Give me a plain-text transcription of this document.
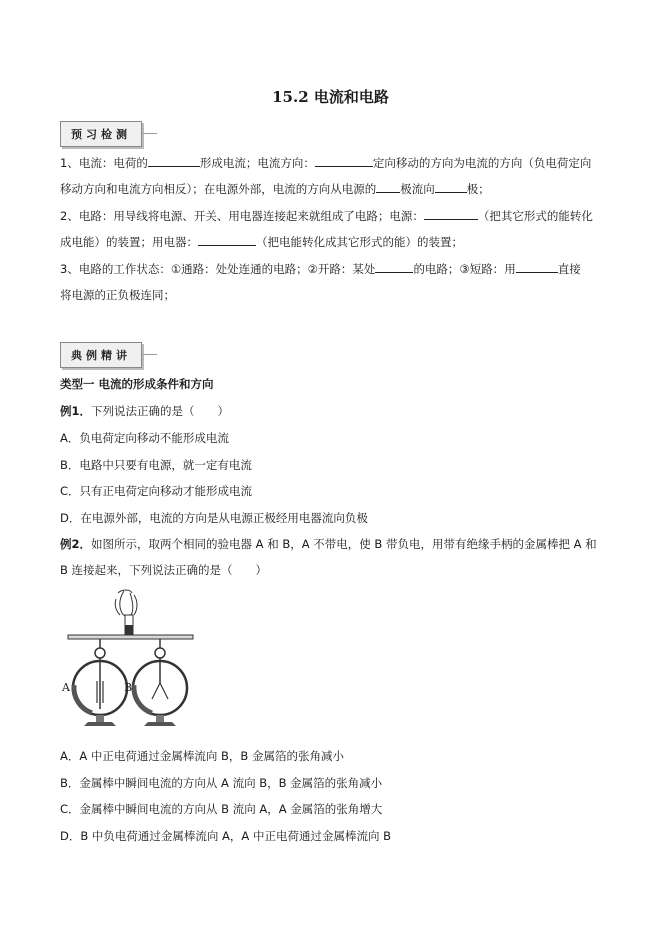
15.2 电流和电路
预习检测
1、电流：电荷的	形成电流；电流方向：	定向移动的方向为电流的方向（负电荷定向
移动方向和电流方向相反）；在电源外部，电流的方向从电源的 极流向	极；
2、电路：用导线将电源、开关、用电器连接起来就组成了电路；电源：	（把其它形式的能转化
成电能）的装置；用电器：	（把电能转化成其它形式的能）的装置；
3、电路的工作状态：①通路：处处连通的电路；②开路：某处	的电路；③短路：用	直接
将电源的正负极连同；
典例精讲
类型一 电流的形成条件和方向
例1．下列说法正确的是（　　）
A．负电荷定向移动不能形成电流
B．电路中只要有电源，就一定有电流
C．只有正电荷定向移动才能形成电流
D．在电源外部，电流的方向是从电源正极经用电器流向负极
例2．如图所示，取两个相同的验电器 A 和 B，A 不带电，使 B 带负电，用带有绝缘手柄的金属棒把 A 和
B 连接起来，下列说法正确的是（　　）
A	B
A．A 中正电荷通过金属棒流向 B，B 金属箔的张角减小
B．金属棒中瞬间电流的方向从 A 流向 B，B 金属箔的张角减小
C．金属棒中瞬间电流的方向从 B 流向 A，A 金属箔的张角增大
D．B 中负电荷通过金属棒流向 A，A 中正电荷通过金属棒流向 B
